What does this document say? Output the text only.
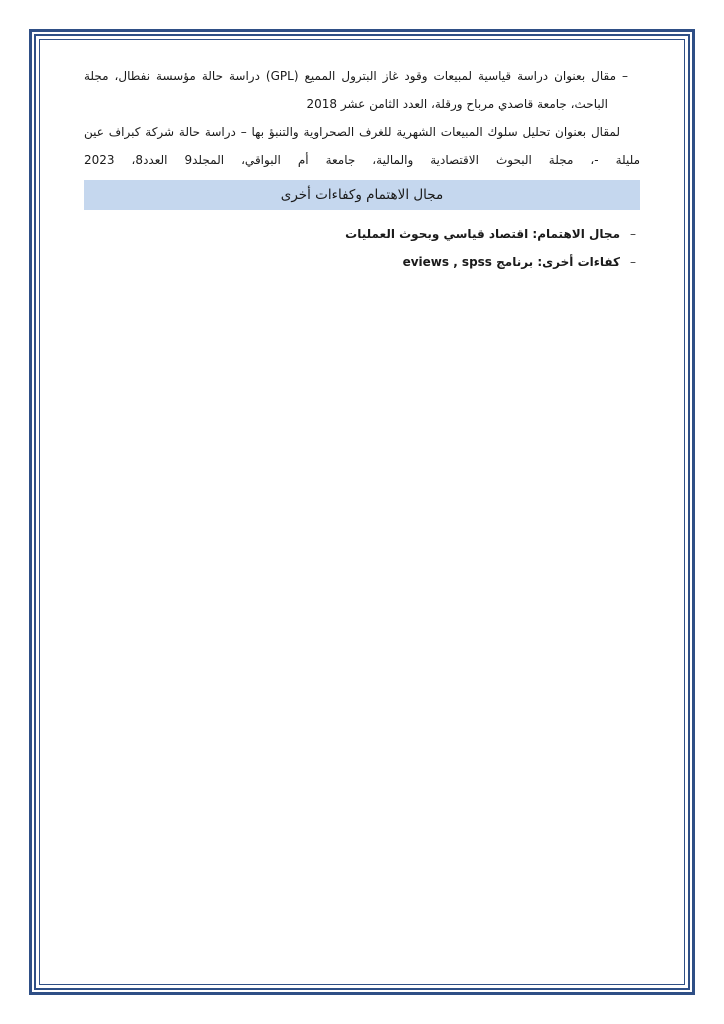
– مقال بعنوان دراسة قياسية لمبيعات وقود غاز البترول المميع (GPL) دراسة حالة مؤسسة نفطال، مجلة

الباحث، جامعة قاصدي مرباح ورقلة، العدد الثامن عشر 2018

لمقال بعنوان تحليل سلوك المبيعات الشهرية للغرف الصحراوية والتنبؤ بها – دراسة حالة شركة كبراف عين

مليلة -، مجلة البحوث الاقتصادية والمالية، جامعة أم البواقي، المجلد9 العدد8، 2023

مجال الاهتمام وكفاءات أخرى
–
مجال الاهتمام: اقتصاد قياسي وبحوث العمليات
–
كفاءات أخرى: برنامج eviews , spss
